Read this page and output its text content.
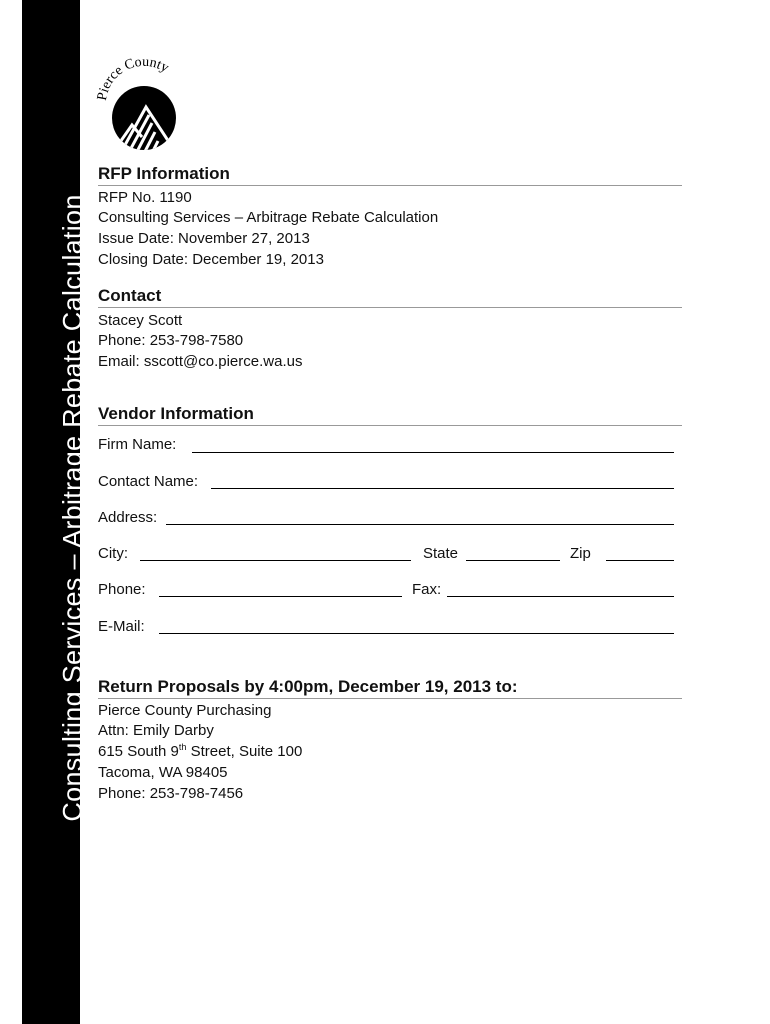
Consulting Services – Arbitrage Rebate Calculation
Pierce County
RFP Information
RFP No. 1190
Consulting Services – Arbitrage Rebate Calculation
Issue Date: November 27, 2013
Closing Date: December 19, 2013
Contact
Stacey Scott
Phone: 253-798-7580
Email: sscott@co.pierce.wa.us
Vendor Information
Firm Name:
Contact Name:
Address:
City:	State	Zip
Phone:	Fax:
E-Mail:
Return Proposals by 4:00pm, December 19, 2013 to:
Pierce County Purchasing
Attn: Emily Darby
615 South 9th Street, Suite 100
Tacoma, WA 98405
Phone: 253-798-7456
